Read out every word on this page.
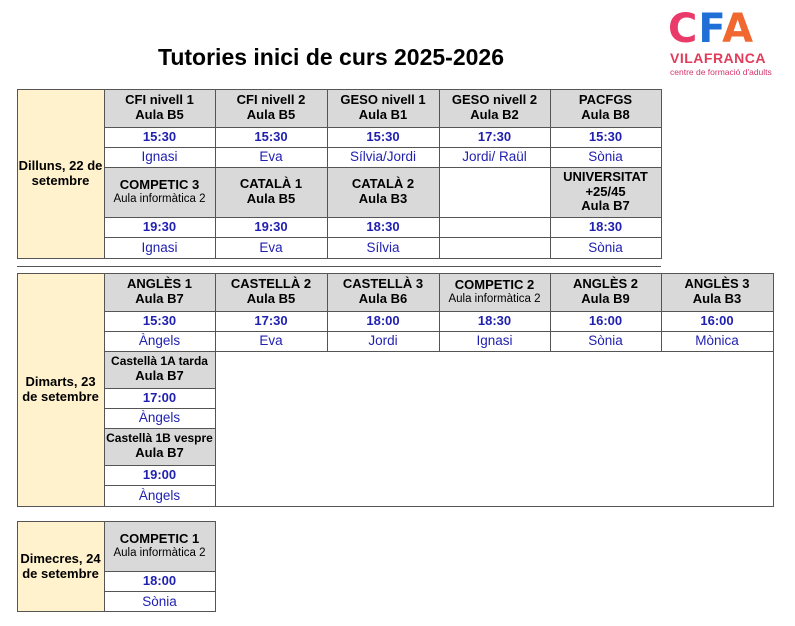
Tutories inici de curs 2025-2026
CFA
VILAFRANCA
centre de formació d'adults
Dilluns, 22 de setembre
CFI nivell 1
Aula B5
15:30
Ignasi
CFI nivell 2
Aula B5
15:30
Eva
GESO nivell 1
Aula B1
15:30
Sílvia/Jordi
GESO nivell 2
Aula B2
17:30
Jordi/ Raül
PACFGS
Aula B8
15:30
Sònia
COMPETIC 3
Aula informàtica 2
19:30
Ignasi
CATALÀ 1
Aula B5
19:30
Eva
CATALÀ 2
Aula B3
18:30
Sílvia
UNIVERSITAT +25/45
Aula B7
18:30
Sònia
Dimarts, 23 de setembre
ANGLÈS 1
Aula B7
15:30
Àngels
CASTELLÀ 2
Aula B5
17:30
Eva
CASTELLÀ 3
Aula B6
18:00
Jordi
COMPETIC 2
Aula informàtica 2
18:30
Ignasi
ANGLÈS 2
Aula B9
16:00
Sònia
ANGLÈS 3
Aula B3
16:00
Mònica
Castellà 1A tarda
Aula B7
17:00
Àngels
Castellà 1B vespre
Aula B7
19:00
Àngels
Dimecres, 24 de setembre
COMPETIC 1
Aula informàtica 2
18:00
Sònia
